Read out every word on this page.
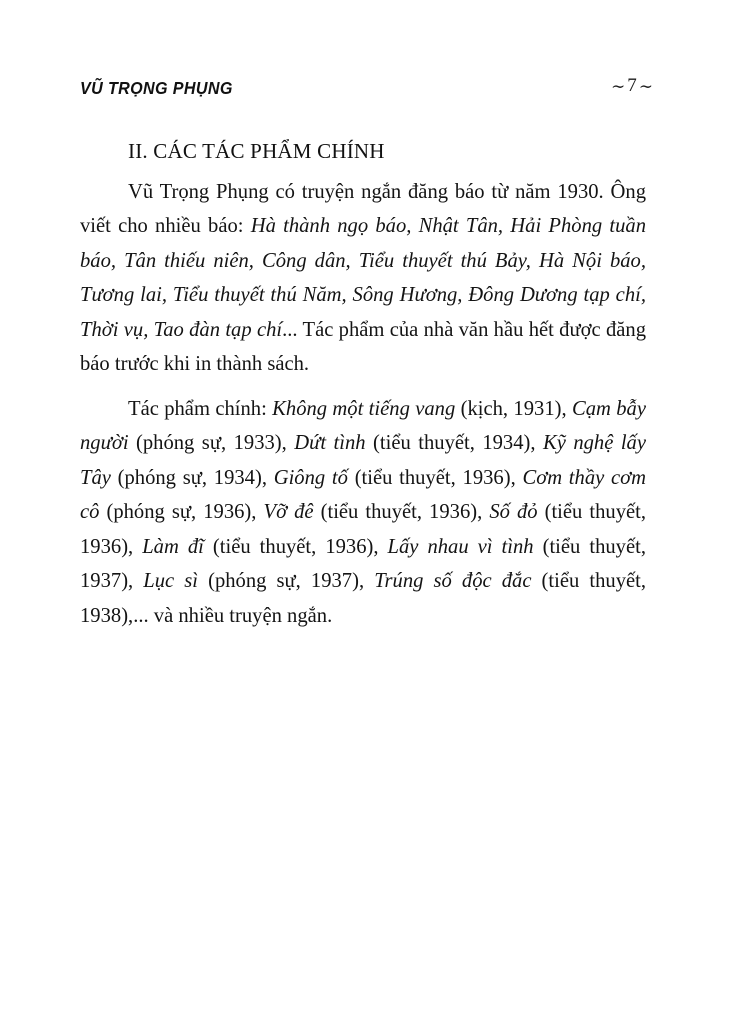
VŨ TRỌNG PHỤNG	∼ 7 ∼
II. CÁC TÁC PHẨM CHÍNH

Vũ Trọng Phụng có truyện ngắn đăng báo từ năm 1930. Ông viết cho nhiều báo: Hà thành ngọ báo, Nhật Tân, Hải Phòng tuần báo, Tân thiếu niên, Công dân, Tiểu thuyết thú Bảy, Hà Nội báo, Tương lai, Tiểu thuyết thú Năm, Sông Hương, Đông Dương tạp chí, Thời vụ, Tao đàn tạp chí... Tác phẩm của nhà văn hầu hết được đăng báo trước khi in thành sách.

Tác phẩm chính: Không một tiếng vang (kịch, 1931), Cạm bẫy người (phóng sự, 1933), Dứt tình (tiểu thuyết, 1934), Kỹ nghệ lấy Tây (phóng sự, 1934), Giông tố (tiểu thuyết, 1936), Cơm thầy cơm cô (phóng sự, 1936), Vỡ đê (tiểu thuyết, 1936), Số đỏ (tiểu thuyết, 1936), Làm đĩ (tiểu thuyết, 1936), Lấy nhau vì tình (tiểu thuyết, 1937), Lục sì (phóng sự, 1937), Trúng số độc đắc (tiểu thuyết, 1938),... và nhiều truyện ngắn.
